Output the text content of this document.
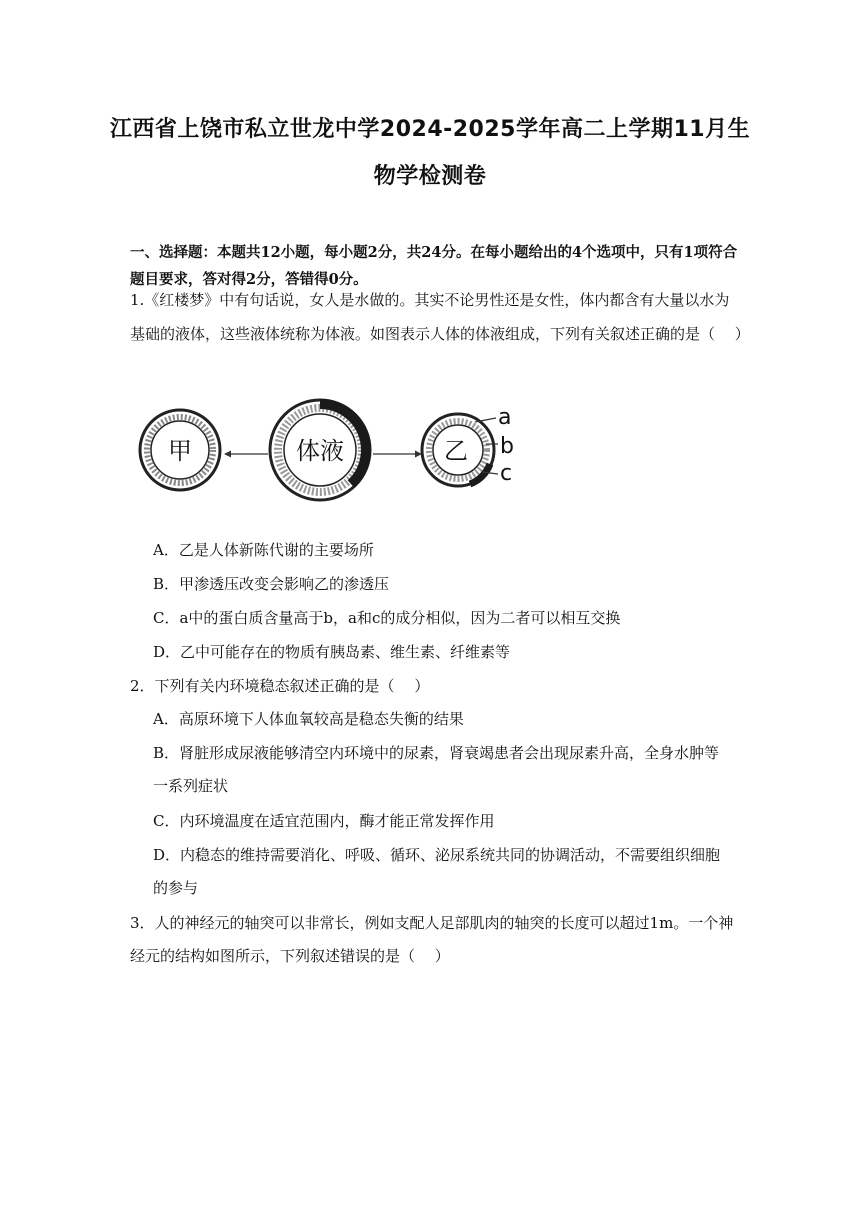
江西省上饶市私立世龙中学2024-2025学年高二上学期11月生
物学检测卷
一、选择题：本题共12小题，每小题2分，共24分。在每小题给出的4个选项中，只有1项符合题目要求，答对得2分，答错得0分。
1.《红楼梦》中有句话说，女人是水做的。其实不论男性还是女性，体内都含有大量以水为
基础的液体，这些液体统称为体液。如图表示人体的体液组成，下列有关叙述正确的是（　 ）
甲	体液	乙
a
b
c
A．乙是人体新陈代谢的主要场所
B．甲渗透压改变会影响乙的渗透压
C．a中的蛋白质含量高于b，a和c的成分相似，因为二者可以相互交换
D．乙中可能存在的物质有胰岛素、维生素、纤维素等
2．下列有关内环境稳态叙述正确的是（　 ）
A．高原环境下人体血氧较高是稳态失衡的结果
B．肾脏形成尿液能够清空内环境中的尿素，肾衰竭患者会出现尿素升高，全身水肿等
一系列症状
C．内环境温度在适宜范围内，酶才能正常发挥作用
D．内稳态的维持需要消化、呼吸、循环、泌尿系统共同的协调活动，不需要组织细胞
的参与
3．人的神经元的轴突可以非常长，例如支配人足部肌肉的轴突的长度可以超过1m。一个神
经元的结构如图所示，下列叙述错误的是（　 ）
